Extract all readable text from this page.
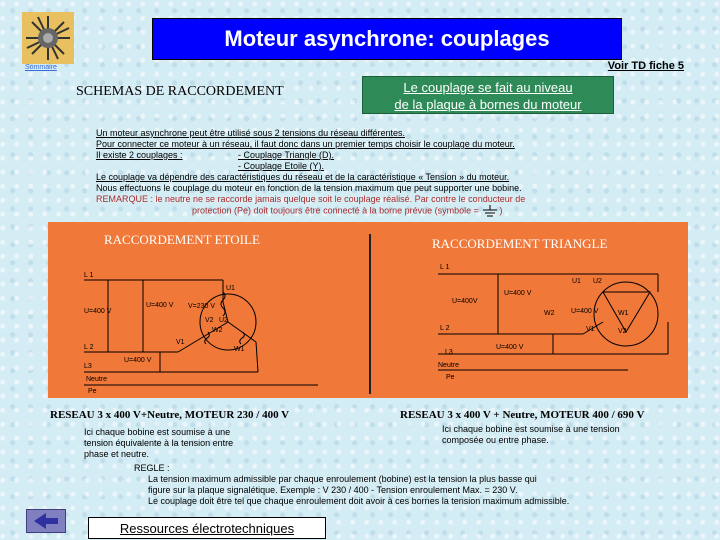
Moteur asynchrone: couplages
Voir TD fiche 5
Sommaire
SCHEMAS DE RACCORDEMENT	Le couplage se fait au niveau
de la plaque à bornes du moteur
Un moteur asynchrone peut être utilisé sous 2 tensions du réseau différentes.
Pour connecter ce moteur à un réseau, il faut donc dans un premier temps choisir le couplage du moteur.
Il existe 2 couplages :	- Couplage Triangle (D).
- Couplage Etoile (Y).
Le couplage va dépendre des caractéristiques du réseau et de la caractéristique « Tension » du moteur.
Nous effectuons le couplage du moteur en fonction de la tension maximum que peut supporter une bobine.
REMARQUE : le neutre ne se raccorde jamais quelque soit le couplage réalisé. Par contre le conducteur de
protection (Pe) doit toujours être connecté à la borne prévue (symbole = )
RACCORDEMENT ETOILE
L 1
L 2
L3
U=400 V
U=400 V
U=400 V
V=230 V
U1
U2
V1
V2
W1
W2
Neutre
Pe
RACCORDEMENT TRIANGLE
L 1
L 2
L3
U=400V
U=400 V
U=400 V
U=400 V
U1 U2
V1	V2
W1
W2
Neutre
Pe
RESEAU 3 x 400 V+Neutre, MOTEUR 230 / 400 V
Ici chaque bobine est soumise à une
tension équivalente à la tension entre
phase et neutre.
RESEAU 3 x 400 V + Neutre, MOTEUR 400 / 690 V
Ici chaque bobine est soumise à une tension
composée ou entre phase.
REGLE :
La tension maximum admissible par chaque enroulement (bobine) est la tension la plus basse qui
figure sur la plaque signalétique. Exemple : V 230 / 400 - Tension enroulement Max. = 230 V.
Le couplage doit être tel que chaque enroulement doit avoir à ces bornes la tension maximum admissible.
Ressources électrotechniques
